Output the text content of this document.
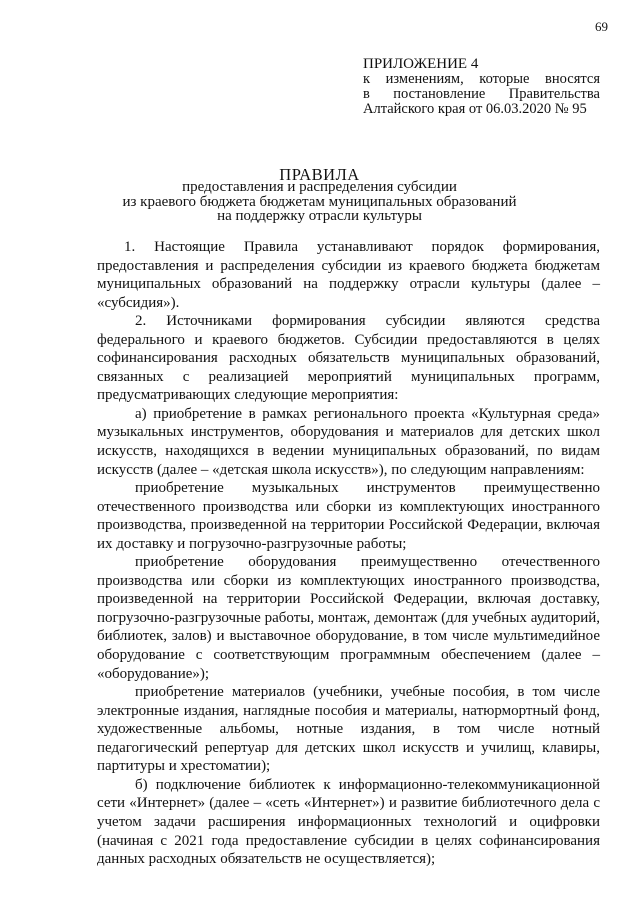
69
ПРИЛОЖЕНИЕ 4
к изменениям, которые вносятся
в постановление Правительства
Алтайского края от 06.03.2020 № 95
ПРАВИЛА
предоставления и распределения субсидии
из краевого бюджета бюджетам муниципальных образований
на поддержку отрасли культуры

1. Настоящие Правила устанавливают порядок формирования, предоставления и распределения субсидии из краевого бюджета бюджетам муниципальных образований на поддержку отрасли культуры (далее – «субсидия»).

2. Источниками формирования субсидии являются средства федерального и краевого бюджетов. Субсидии предоставляются в целях софинансирования расходных обязательств муниципальных образований, связанных с реализацией мероприятий муниципальных программ, предусматривающих следующие мероприятия:

а) приобретение в рамках регионального проекта «Культурная среда» музыкальных инструментов, оборудования и материалов для детских школ искусств, находящихся в ведении муниципальных образований, по видам искусств (далее – «детская школа искусств»), по следующим направлениям:

приобретение музыкальных инструментов преимущественно отечественного производства или сборки из комплектующих иностранного производства, произведенной на территории Российской Федерации, включая их доставку и погрузочно-разгрузочные работы;

приобретение оборудования преимущественно отечественного производства или сборки из комплектующих иностранного производства, произведенной на территории Российской Федерации, включая доставку, погрузочно-разгрузочные работы, монтаж, демонтаж (для учебных аудиторий, библиотек, залов) и выставочное оборудование, в том числе мультимедийное оборудование с соответствующим программным обеспечением (далее – «оборудование»);

приобретение материалов (учебники, учебные пособия, в том числе электронные издания, наглядные пособия и материалы, натюрмортный фонд, художественные альбомы, нотные издания, в том числе нотный педагогический репертуар для детских школ искусств и училищ, клавиры, партитуры и хрестоматии);

б) подключение библиотек к информационно-телекоммуникационной сети «Интернет» (далее – «сеть «Интернет») и развитие библиотечного дела с учетом задачи расширения информационных технологий и оцифровки (начиная с 2021 года предоставление субсидии в целях софинансирования данных расходных обязательств не осуществляется);
